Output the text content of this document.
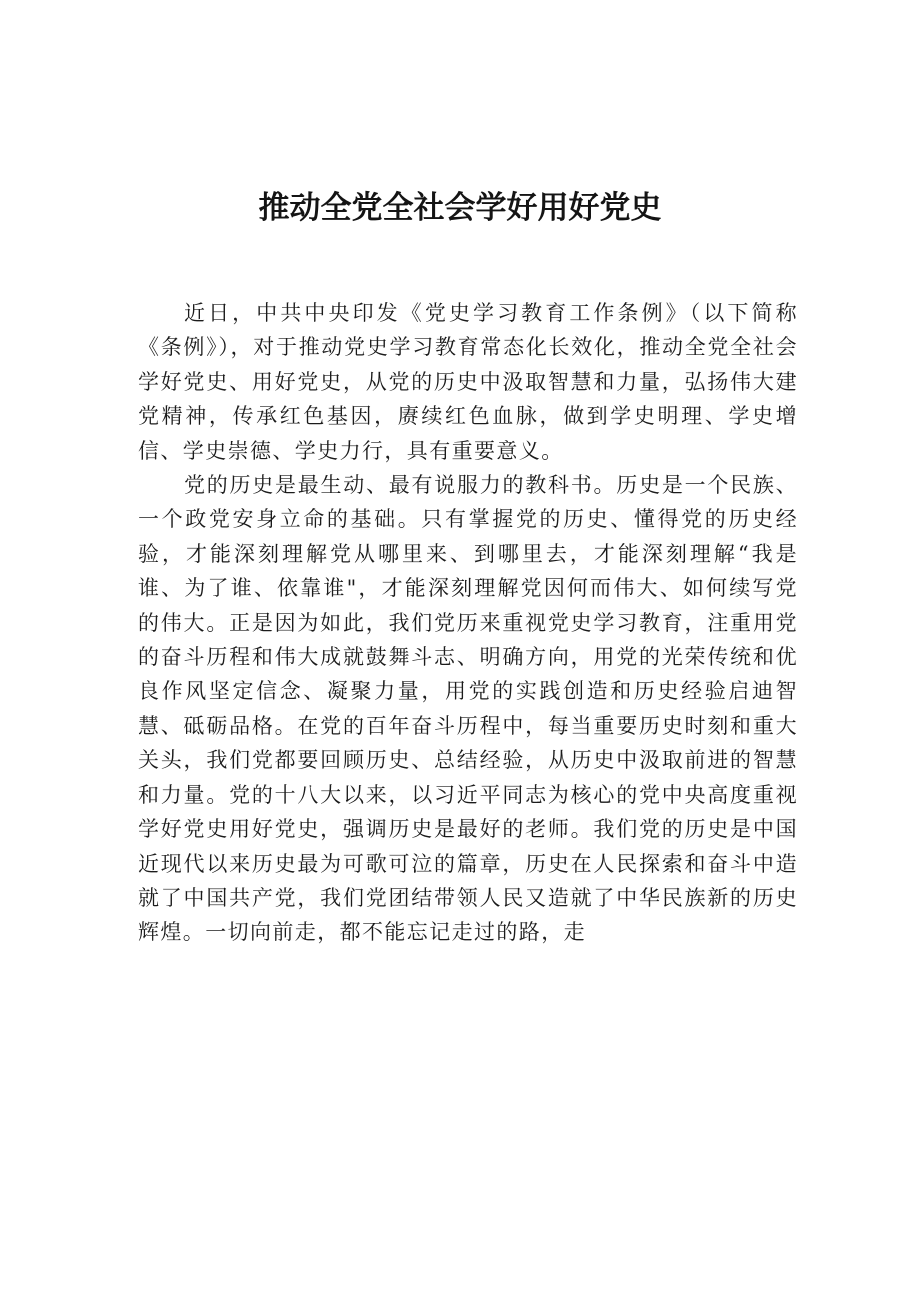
推动全党全社会学好用好党史

近日，中共中央印发《党史学习教育工作条例》（以下简称《条例》），对于推动党史学习教育常态化长效化，推动全党全社会学好党史、用好党史，从党的历史中汲取智慧和力量，弘扬伟大建党精神，传承红色基因，赓续红色血脉，做到学史明理、学史增信、学史崇德、学史力行，具有重要意义。

党的历史是最生动、最有说服力的教科书。历史是一个民族、一个政党安身立命的基础。只有掌握党的历史、懂得党的历史经验，才能深刻理解党从哪里来、到哪里去，才能深刻理解“我是谁、为了谁、依靠谁"，才能深刻理解党因何而伟大、如何续写党的伟大。正是因为如此，我们党历来重视党史学习教育，注重用党的奋斗历程和伟大成就鼓舞斗志、明确方向，用党的光荣传统和优良作风坚定信念、凝聚力量，用党的实践创造和历史经验启迪智慧、砥砺品格。在党的百年奋斗历程中，每当重要历史时刻和重大关头，我们党都要回顾历史、总结经验，从历史中汲取前进的智慧和力量。党的十八大以来，以习近平同志为核心的党中央高度重视学好党史用好党史，强调历史是最好的老师。我们党的历史是中国近现代以来历史最为可歌可泣的篇章，历史在人民探索和奋斗中造就了中国共产党，我们党团结带领人民又造就了中华民族新的历史辉煌。一切向前走，都不能忘记走过的路，走
